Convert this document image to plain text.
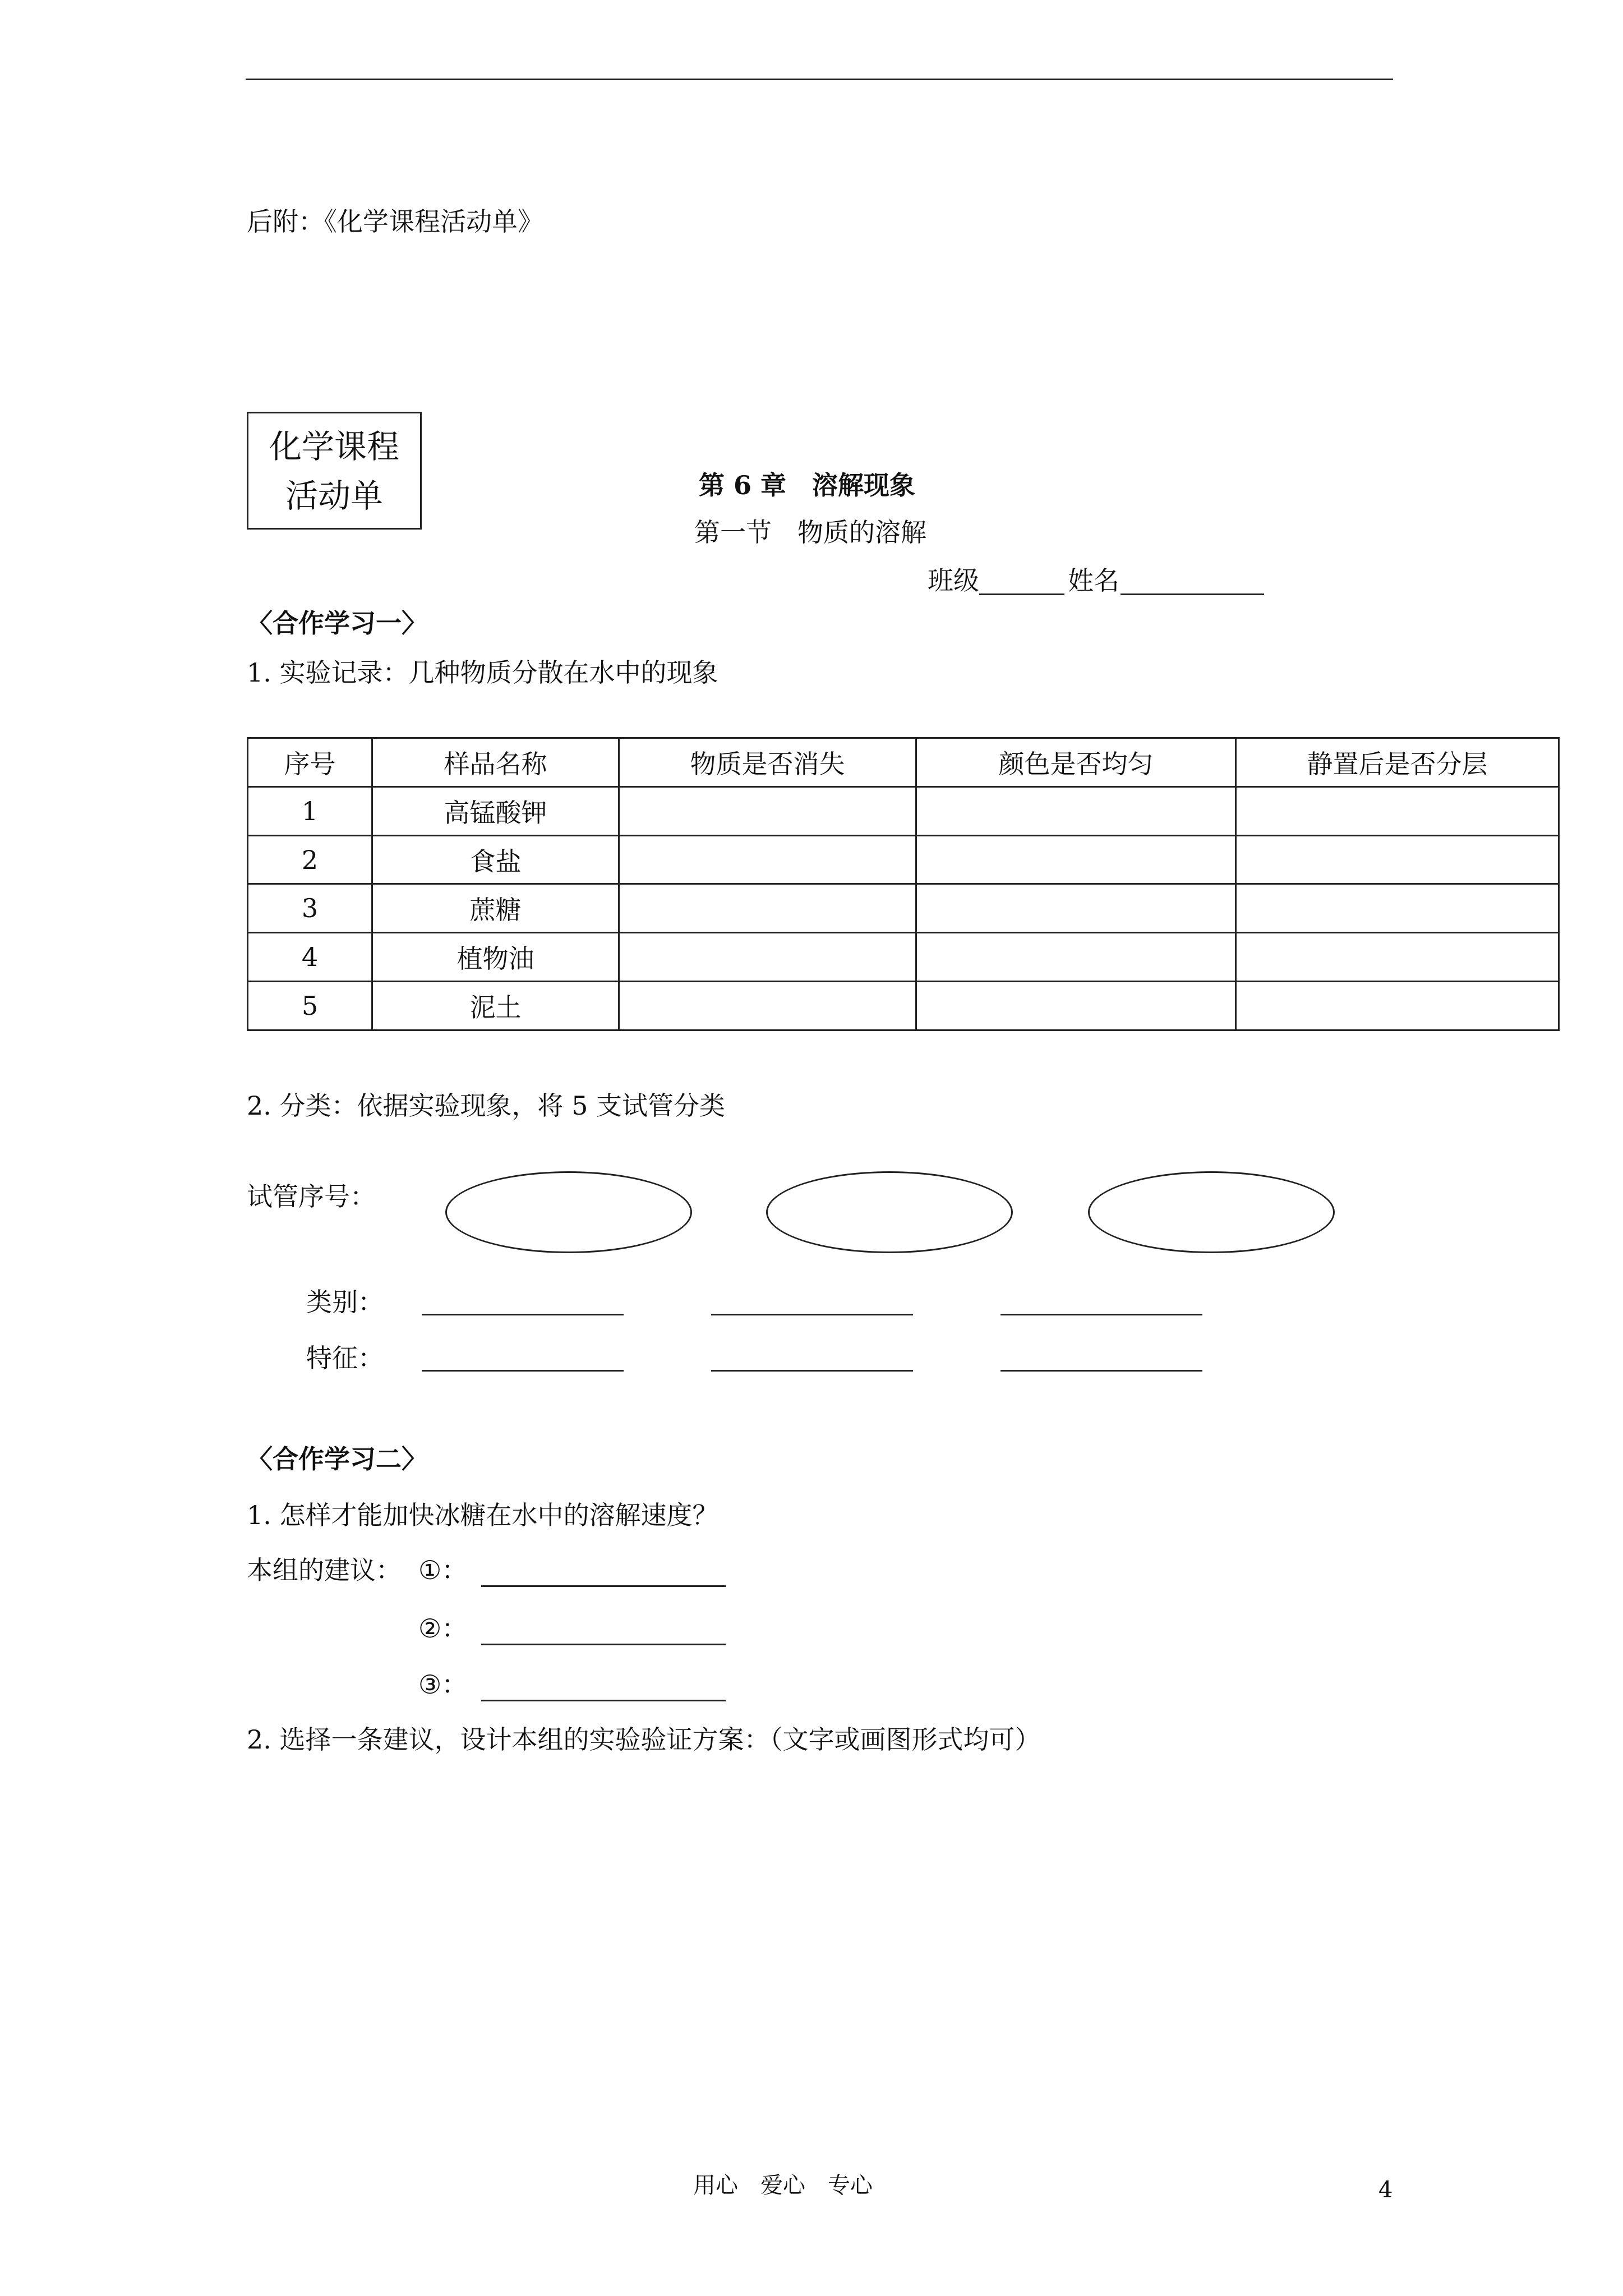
后附：《化学课程活动单》
化学课程
活动单	第 6 章　溶解现象
第一节　物质的溶解
班级	姓名
〈合作学习一〉
1. 实验记录：几种物质分散在水中的现象
序号	样品名称	物质是否消失	颜色是否均匀	静置后是否分层
1	高锰酸钾			
2	食盐			
3	蔗糖			
4	植物油			
5	泥土			
2. 分类：依据实验现象，将 5 支试管分类
试管序号：
类别：
特征：
〈合作学习二〉
1. 怎样才能加快冰糖在水中的溶解速度？
本组的建议： ①：
②：
③：
2. 选择一条建议，设计本组的实验验证方案：（文字或画图形式均可）
用心　爱心　专心	4
